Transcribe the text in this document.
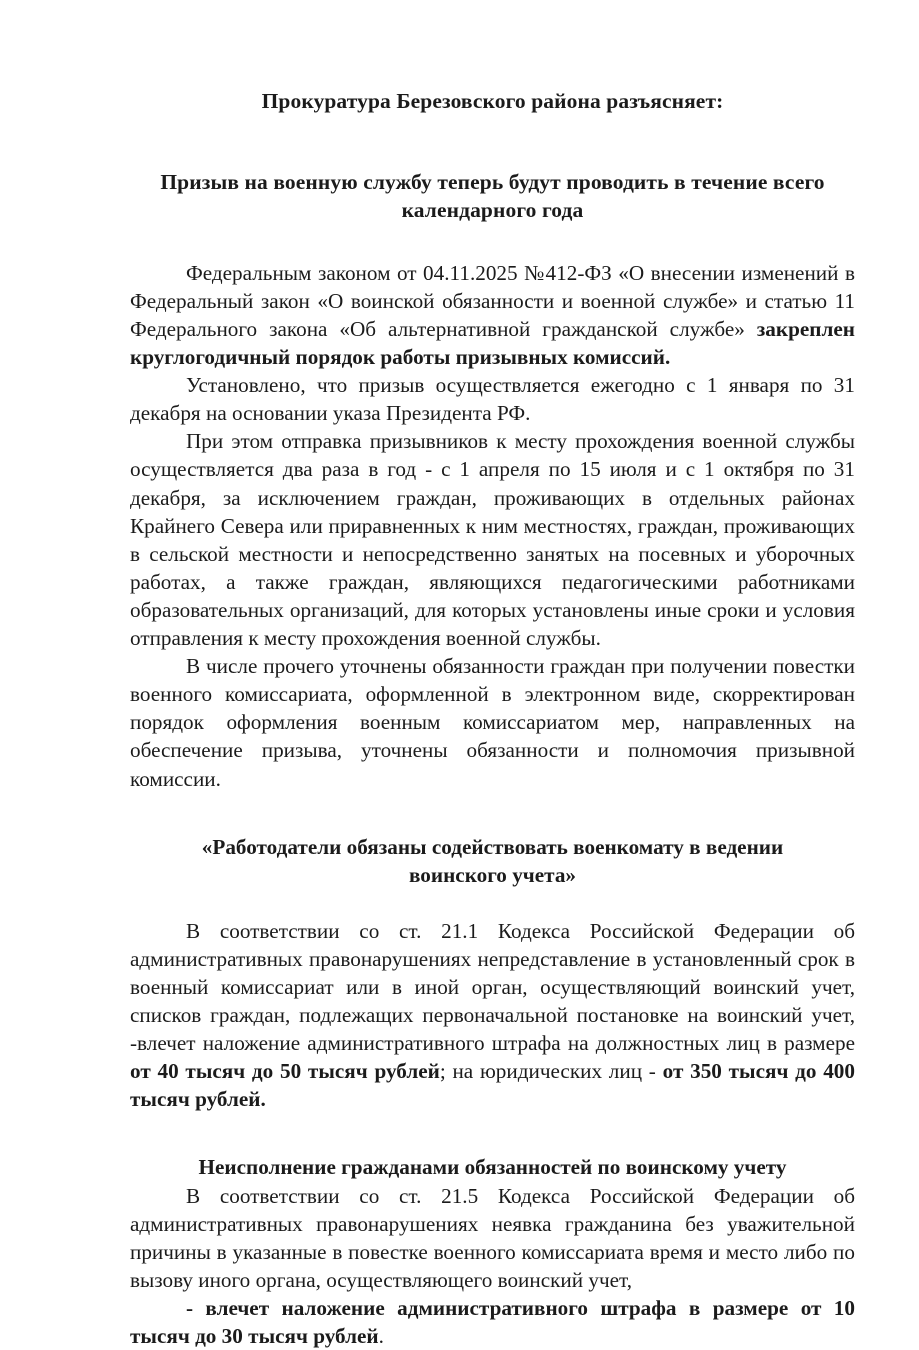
Прокуратура Березовского района разъясняет:
Призыв на военную службу теперь будут проводить в течение всего календарного года

Федеральным законом от 04.11.2025 №412-ФЗ «О внесении изменений в Федеральный закон «О воинской обязанности и военной службе» и статью 11 Федерального закона «Об альтернативной гражданской службе» закреплен круглогодичный порядок работы призывных комиссий.

Установлено, что призыв осуществляется ежегодно с 1 января по 31 декабря на основании указа Президента РФ.

При этом отправка призывников к месту прохождения военной службы осуществляется два раза в год - с 1 апреля по 15 июля и с 1 октября по 31 декабря, за исключением граждан, проживающих в отдельных районах Крайнего Севера или приравненных к ним местностях, граждан, проживающих в сельской местности и непосредственно занятых на посевных и уборочных работах, а также граждан, являющихся педагогическими работниками образовательных организаций, для которых установлены иные сроки и условия отправления к месту прохождения военной службы.

В числе прочего уточнены обязанности граждан при получении повестки военного комиссариата, оформленной в электронном виде, скорректирован порядок оформления военным комиссариатом мер, направленных на обеспечение призыва, уточнены обязанности и полномочия призывной комиссии.

«Работодатели обязаны содействовать военкомату в ведении воинского учета»

В соответствии со ст. 21.1 Кодекса Российской Федерации об административных правонарушениях непредставление в установленный срок в военный комиссариат или в иной орган, осуществляющий воинский учет, списков граждан, подлежащих первоначальной постановке на воинский учет, -влечет наложение административного штрафа на должностных лиц в размере от 40 тысяч до 50 тысяч рублей; на юридических лиц - от 350 тысяч до 400 тысяч рублей.

Неисполнение гражданами обязанностей по воинскому учету

В соответствии со ст. 21.5 Кодекса Российской Федерации об административных правонарушениях неявка гражданина без уважительной причины в указанные в повестке военного комиссариата время и место либо по вызову иного органа, осуществляющего воинский учет,

- влечет наложение административного штрафа в размере от 10 тысяч до 30 тысяч рублей.
